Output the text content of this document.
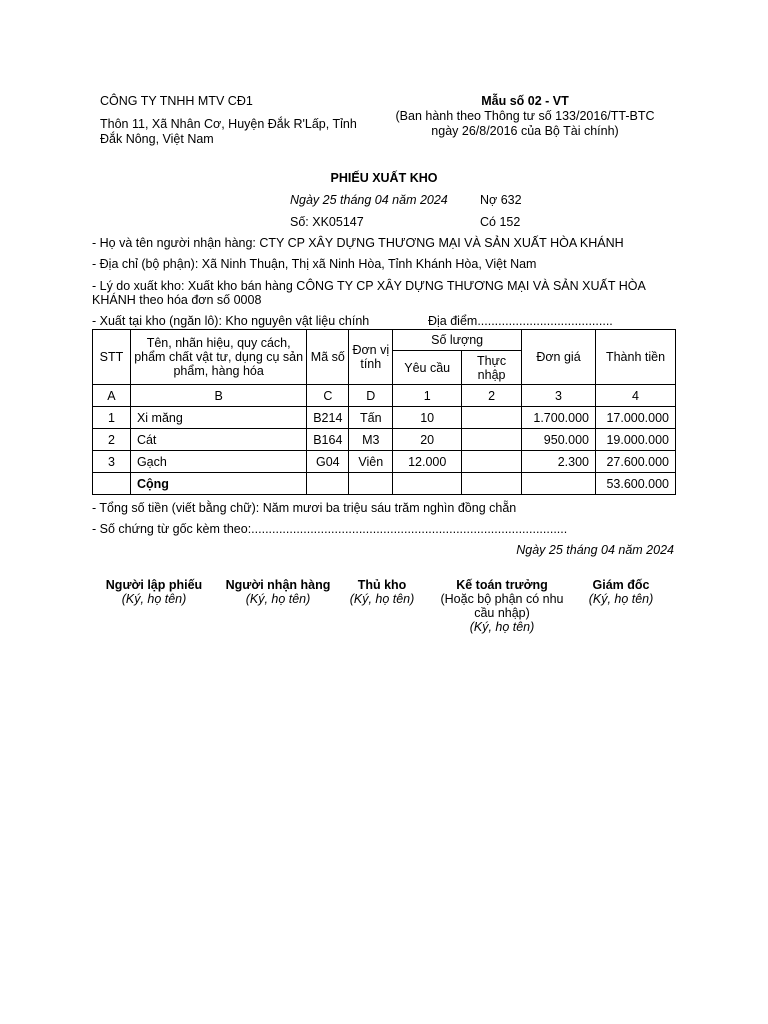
CÔNG TY TNHH MTV CĐ1
Thôn 11, Xã Nhân Cơ, Huyện Đắk R'Lấp, Tỉnh Đắk Nông, Việt Nam
Mẫu số 02 - VT
(Ban hành theo Thông tư số 133/2016/TT-BTC
ngày 26/8/2016 của Bộ Tài chính)
PHIẾU XUẤT KHO
Ngày 25 tháng 04 năm 2024
Số: XK05147
Nợ 632
Có 152
- Họ và tên người nhận hàng: CTY CP XÂY DỰNG THƯƠNG MẠI VÀ SẢN XUẤT HÒA KHÁNH
- Địa chỉ (bộ phận): Xã Ninh Thuận, Thị xã Ninh Hòa, Tỉnh Khánh Hòa, Việt Nam
- Lý do xuất kho: Xuất kho bán hàng CÔNG TY CP XÂY DỰNG THƯƠNG MẠI VÀ SẢN XUẤT HÒA KHÁNH theo hóa đơn số 0008
- Xuất tại kho (ngăn lô): Kho nguyên vật liệu chính	Địa điểm.......................................
STT	Tên, nhãn hiệu, quy cách, phẩm chất vật tư, dụng cụ sản phẩm, hàng hóa	Mã số	Đơn vị tính	Số lượng		Đơn giá	Thành tiền
				Yêu cầu	Thực nhập		
A	B	C	D	1	2	3	4
1	Xi măng	B214	Tấn	10		1.700.000	17.000.000
2	Cát	B164	M3	20		950.000	19.000.000
3	Gạch	G04	Viên	12.000		2.300	27.600.000
	Cộng						53.600.000
- Tổng số tiền (viết bằng chữ): Năm mươi ba triệu sáu trăm nghìn đồng chẵn
- Số chứng từ gốc kèm theo:...........................................................................................
Ngày 25 tháng 04 năm 2024
Người lập phiếu
(Ký, họ tên)
Người nhận hàng
(Ký, họ tên)
Thủ kho
(Ký, họ tên)
Kế toán trưởng
(Hoặc bộ phận có nhu cầu nhập)
(Ký, họ tên)
Giám đốc
(Ký, họ tên)
